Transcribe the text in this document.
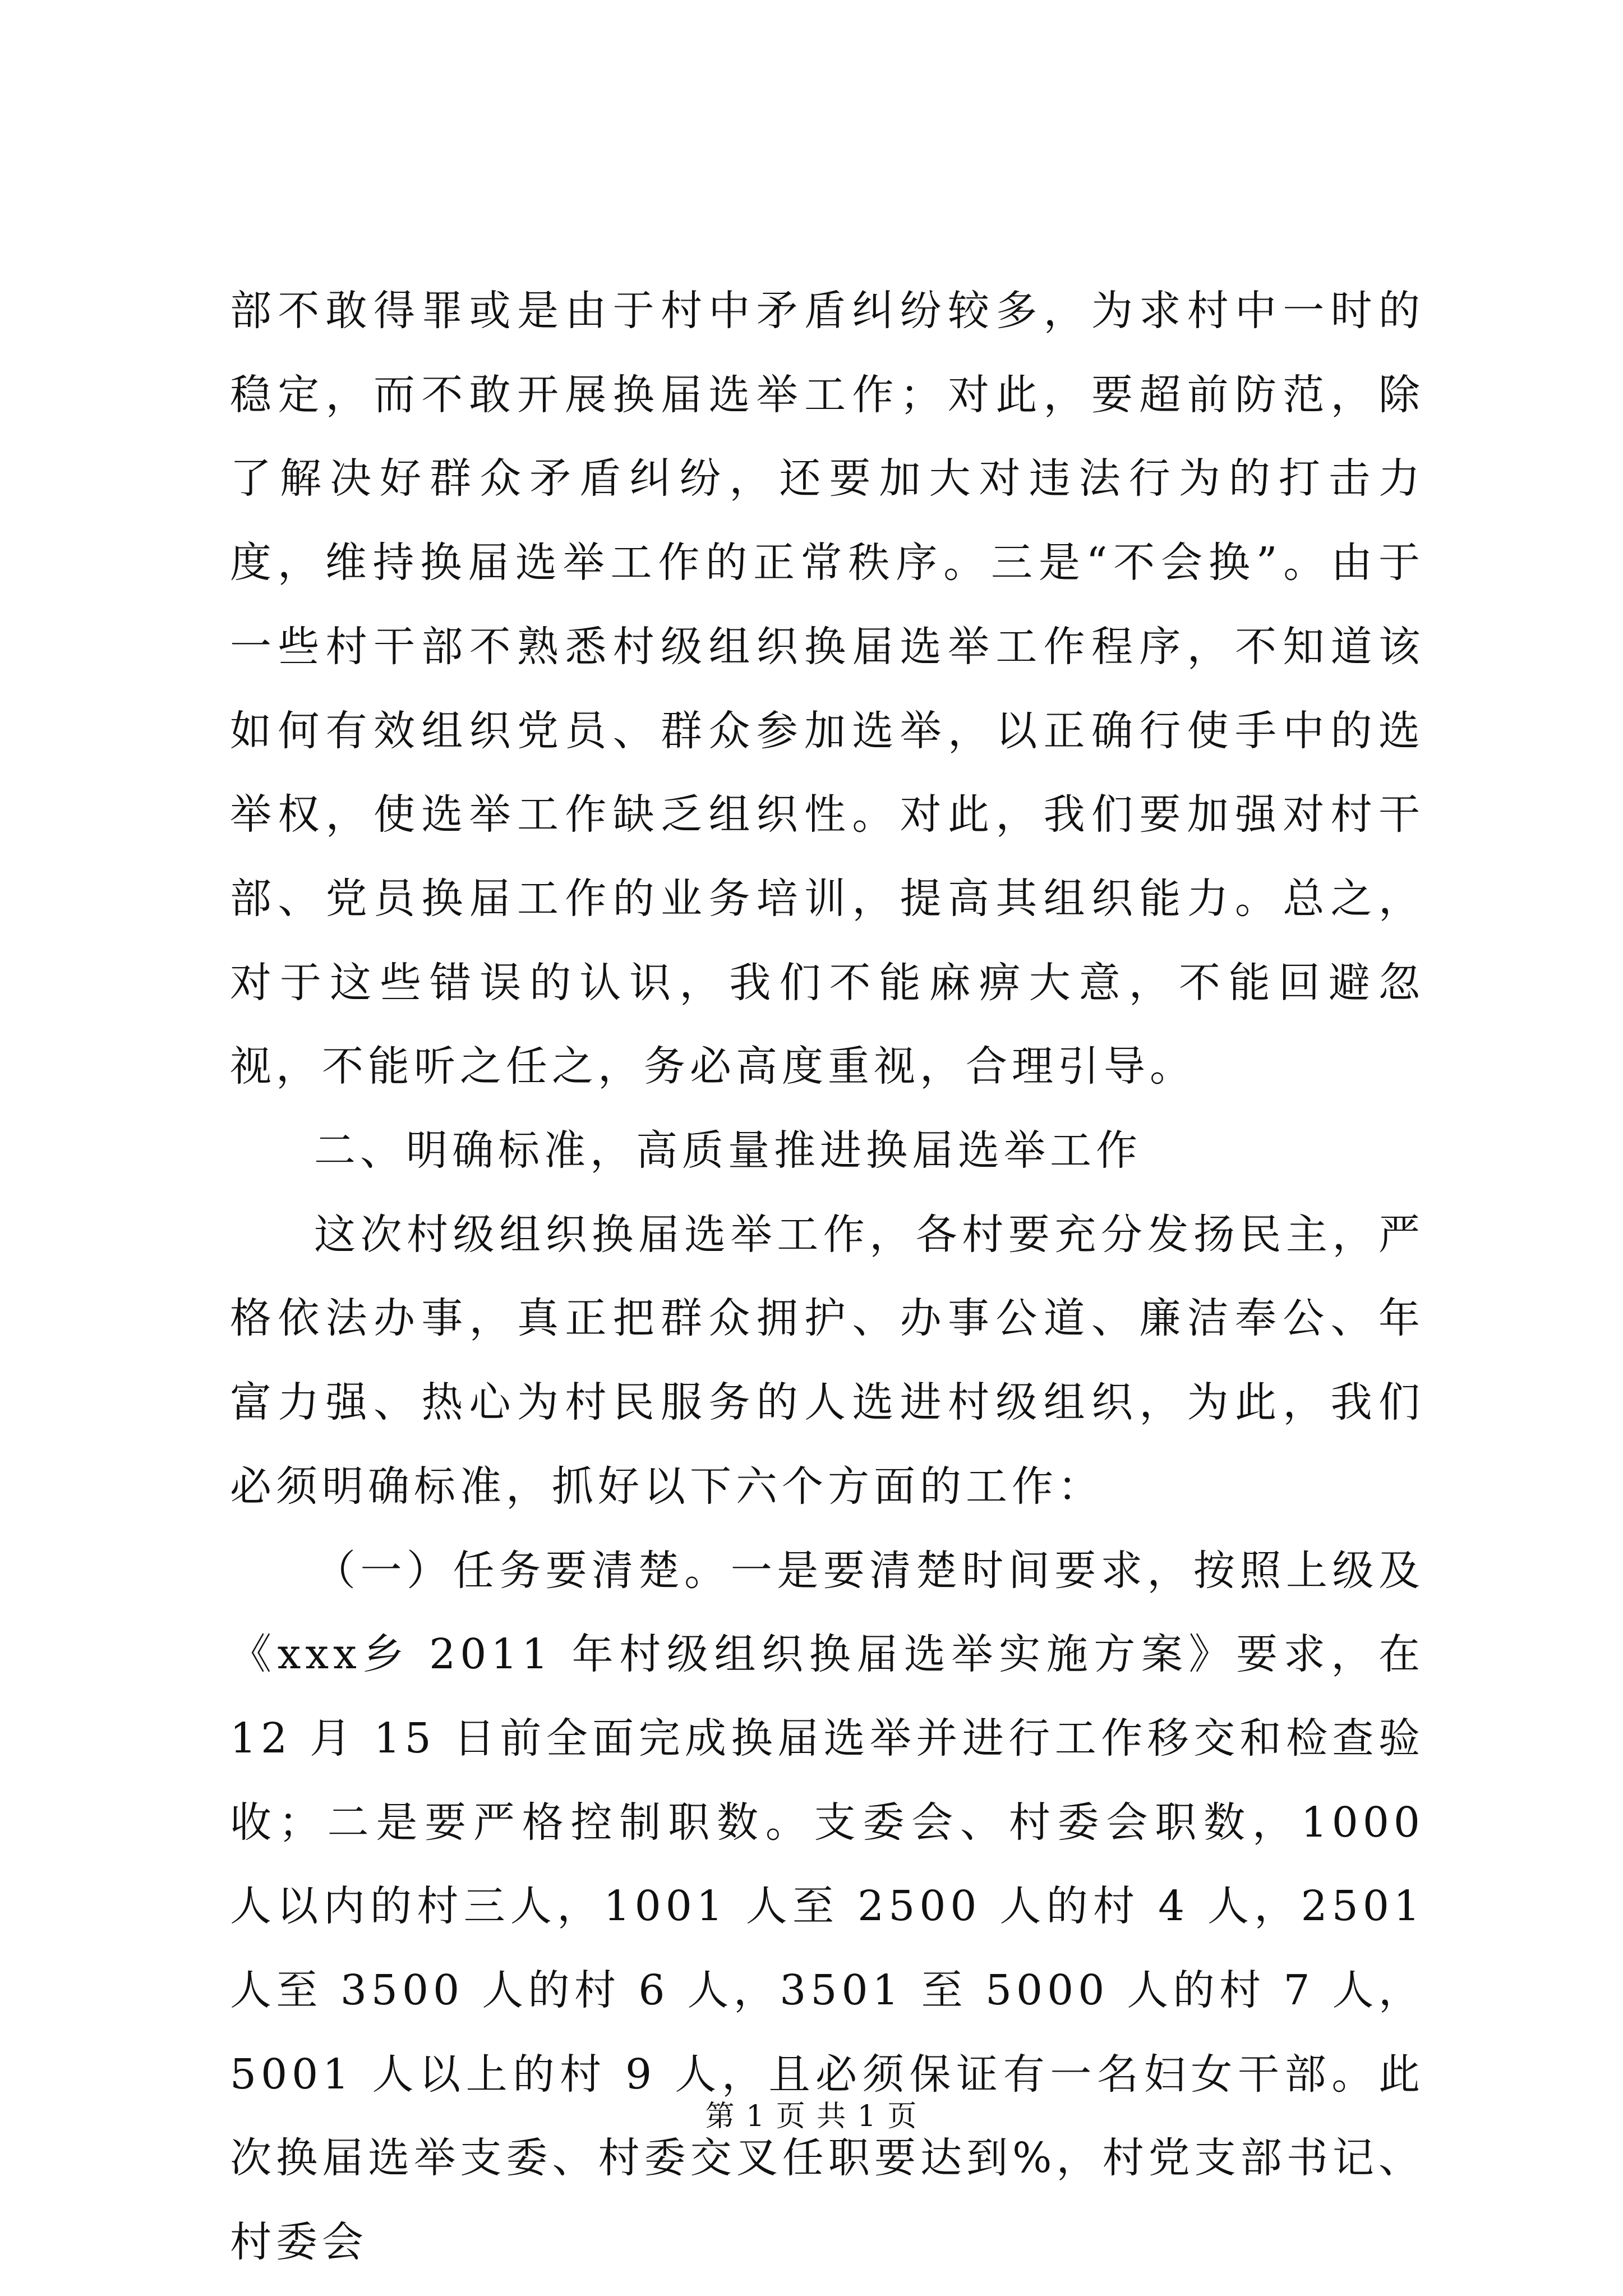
部不敢得罪或是由于村中矛盾纠纷较多，为求村中一时的稳定，而不敢开展换届选举工作；对此，要超前防范，除了解决好群众矛盾纠纷，还要加大对违法行为的打击力度，维持换届选举工作的正常秩序。三是“不会换”。由于一些村干部不熟悉村级组织换届选举工作程序，不知道该如何有效组织党员、群众参加选举，以正确行使手中的选举权，使选举工作缺乏组织性。对此，我们要加强对村干部、党员换届工作的业务培训，提高其组织能力。总之，对于这些错误的认识，我们不能麻痹大意，不能回避忽视，不能听之任之，务必高度重视，合理引导。

二、明确标准，高质量推进换届选举工作

这次村级组织换届选举工作，各村要充分发扬民主，严格依法办事，真正把群众拥护、办事公道、廉洁奉公、年富力强、热心为村民服务的人选进村级组织，为此，我们必须明确标准，抓好以下六个方面的工作：

（一）任务要清楚。一是要清楚时间要求，按照上级及《xxx乡 2011 年村级组织换届选举实施方案》要求，在 12 月 15 日前全面完成换届选举并进行工作移交和检查验收；二是要严格控制职数。支委会、村委会职数，1000 人以内的村三人，1001 人至 2500 人的村 4 人，2501 人至 3500 人的村 6 人，3501 至 5000 人的村 7 人，5001 人以上的村 9 人，且必须保证有一名妇女干部。此次换届选举支委、村委交叉任职要达到%，村党支部书记、村委会

第 1 页 共 1 页
